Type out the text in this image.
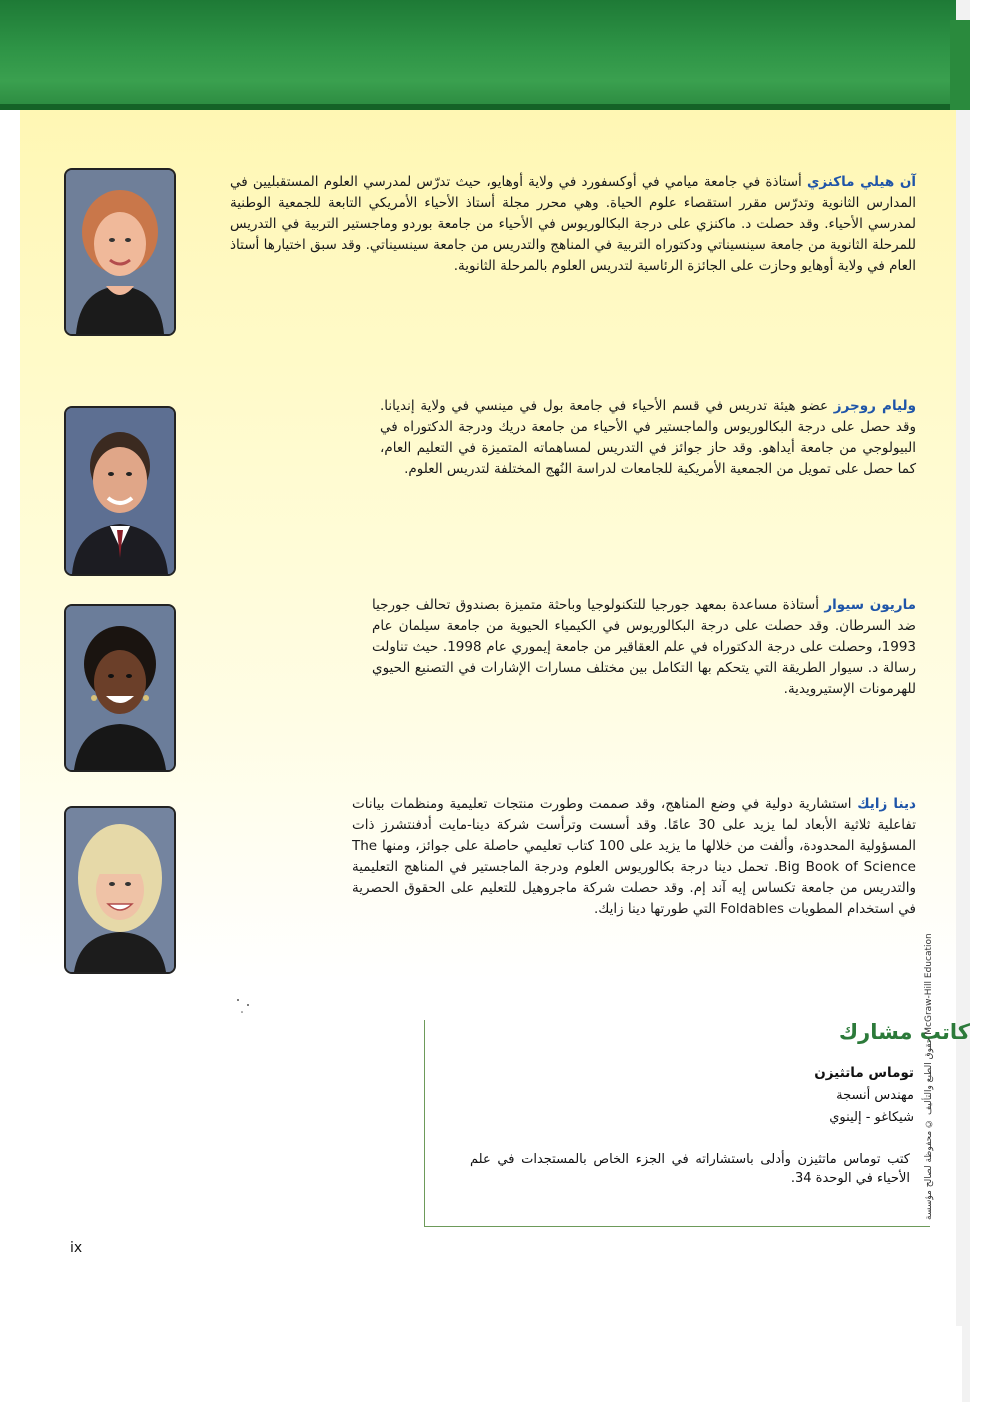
آن هيلي ماكنزي أستاذة في جامعة ميامي في أوكسفورد في ولاية أوهايو، حيث تدرّس لمدرسي العلوم المستقبليين في المدارس الثانوية وتدرّس مقرر استقصاء علوم الحياة. وهي محرر مجلة أستاذ الأحياء الأمريكي التابعة للجمعية الوطنية لمدرسي الأحياء. وقد حصلت د. ماكنزي على درجة البكالوريوس في الأحياء من جامعة بوردو وماجستير التربية في التدريس للمرحلة الثانوية من جامعة سينسيناتي ودكتوراه التربية في المناهج والتدريس من جامعة سينسيناتي. وقد سبق اختيارها أستاذ العام في ولاية أوهايو وحازت على الجائزة الرئاسية لتدريس العلوم بالمرحلة الثانوية.
وليام روجرز عضو هيئة تدريس في قسم الأحياء في جامعة بول في مينسي في ولاية إنديانا. وقد حصل على درجة البكالوريوس والماجستير في الأحياء من جامعة دريك ودرجة الدكتوراه في البيولوجي من جامعة أيداهو. وقد حاز جوائز في التدريس لمساهماته المتميزة في التعليم العام، كما حصل على تمويل من الجمعية الأمريكية للجامعات لدراسة النُهج المختلفة لتدريس العلوم.
ماريون سيوار أستاذة مساعدة بمعهد جورجيا للتكنولوجيا وباحثة متميزة بصندوق تحالف جورجيا ضد السرطان. وقد حصلت على درجة البكالوريوس في الكيمياء الحيوية من جامعة سيلمان عام 1993، وحصلت على درجة الدكتوراه في علم العقاقير من جامعة إيموري عام 1998. حيث تناولت رسالة د. سيوار الطريقة التي يتحكم بها التكامل بين مختلف مسارات الإشارات في التصنيع الحيوي للهرمونات الإستيرويدية.
دينا زايك استشارية دولية في وضع المناهج، وقد صممت وطورت منتجات تعليمية ومنظمات بيانات تفاعلية ثلاثية الأبعاد لما يزيد على 30 عامًا. وقد أسست وترأست شركة دينا-مايت أدفنتشرز ذات المسؤولية المحدودة، وألفت من خلالها ما يزيد على 100 كتاب تعليمي حاصلة على جوائز، ومنها The Big Book of Science. تحمل دينا درجة بكالوريوس العلوم ودرجة الماجستير في المناهج التعليمية والتدريس من جامعة تكساس إيه آند إم. وقد حصلت شركة ماجروهيل للتعليم على الحقوق الحصرية في استخدام المطويات Foldables التي طورتها دينا زايك.
كاتب مشارك
توماس ماتثيزن
مهندس أنسجة
شيكاغو - إلينوي
كتب توماس ماتثيزن وأدلى باستشاراته في الجزء الخاص بالمستجدات في علم الأحياء في الوحدة 34. حقوق الطبع والتأليف © محفوظة لصالح مؤسسة McGraw-Hill Education
ix
